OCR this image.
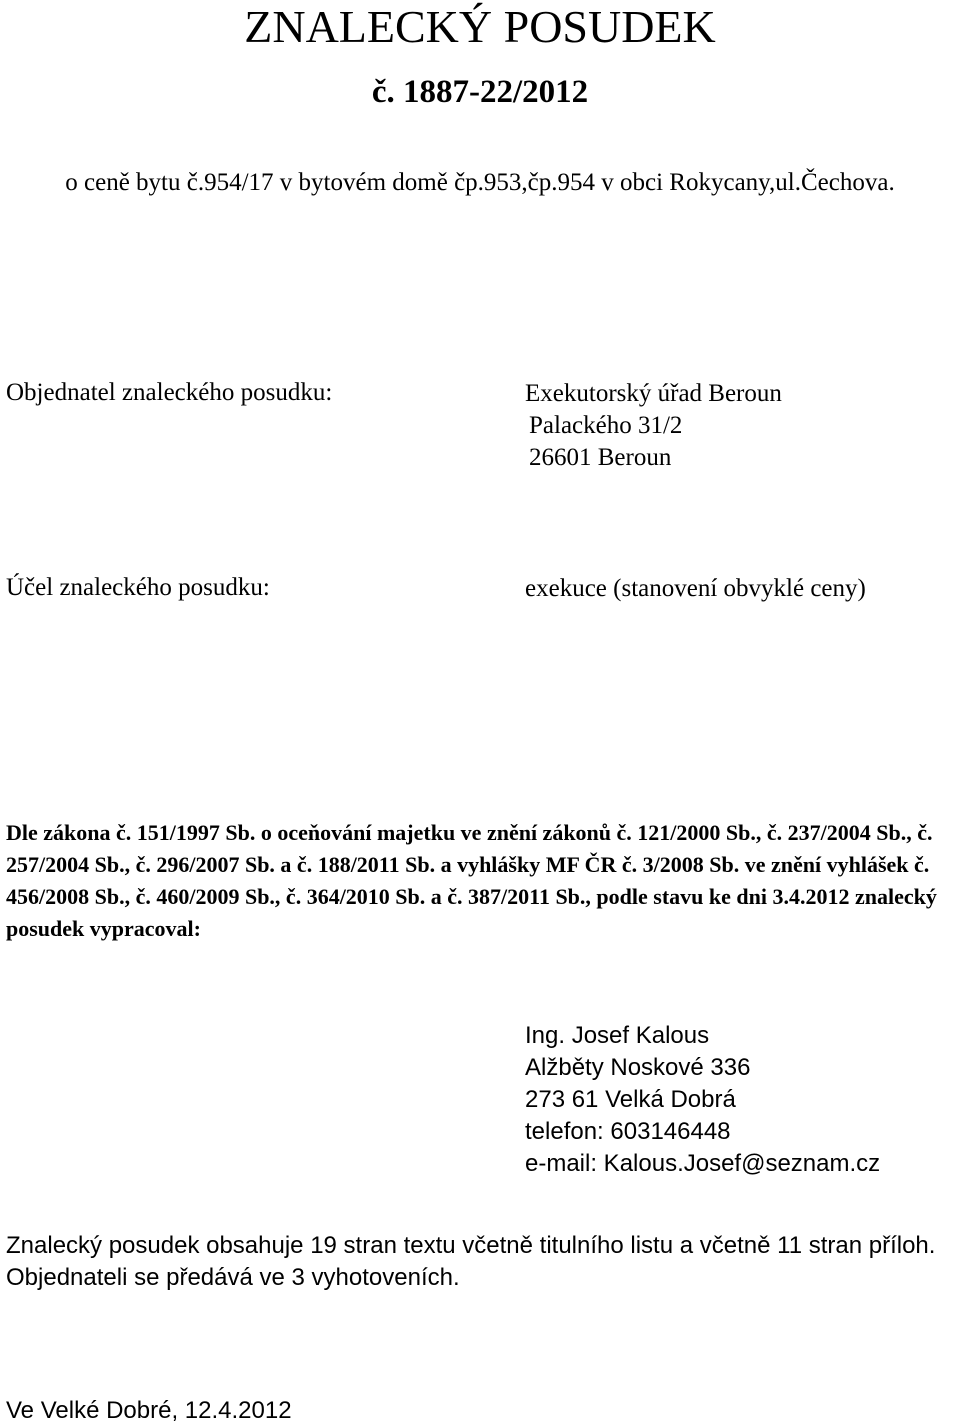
ZNALECKÝ POSUDEK
č. 1887-22/2012
o ceně bytu č.954/17 v bytovém domě čp.953,čp.954 v obci Rokycany,ul.Čechova.
Objednatel znaleckého posudku:	Exekutorský úřad Beroun
Palackého 31/2
26601 Beroun
Účel znaleckého posudku:	exekuce (stanovení obvyklé ceny)
Dle zákona č. 151/1997 Sb. o oceňování majetku ve znění zákonů č. 121/2000 Sb., č. 237/2004 Sb., č. 257/2004 Sb., č. 296/2007 Sb. a č. 188/2011 Sb. a vyhlášky MF ČR č. 3/2008 Sb. ve znění vyhlášek č. 456/2008 Sb., č. 460/2009 Sb., č. 364/2010 Sb. a č. 387/2011 Sb., podle stavu ke dni 3.4.2012 znalecký posudek vypracoval:
Ing. Josef Kalous
Alžběty Noskové 336
273 61 Velká Dobrá
telefon: 603146448
e-mail: Kalous.Josef@seznam.cz
Znalecký posudek obsahuje 19 stran textu včetně titulního listu a včetně 11 stran příloh. Objednateli se předává ve 3 vyhotoveních.
Ve Velké Dobré, 12.4.2012
